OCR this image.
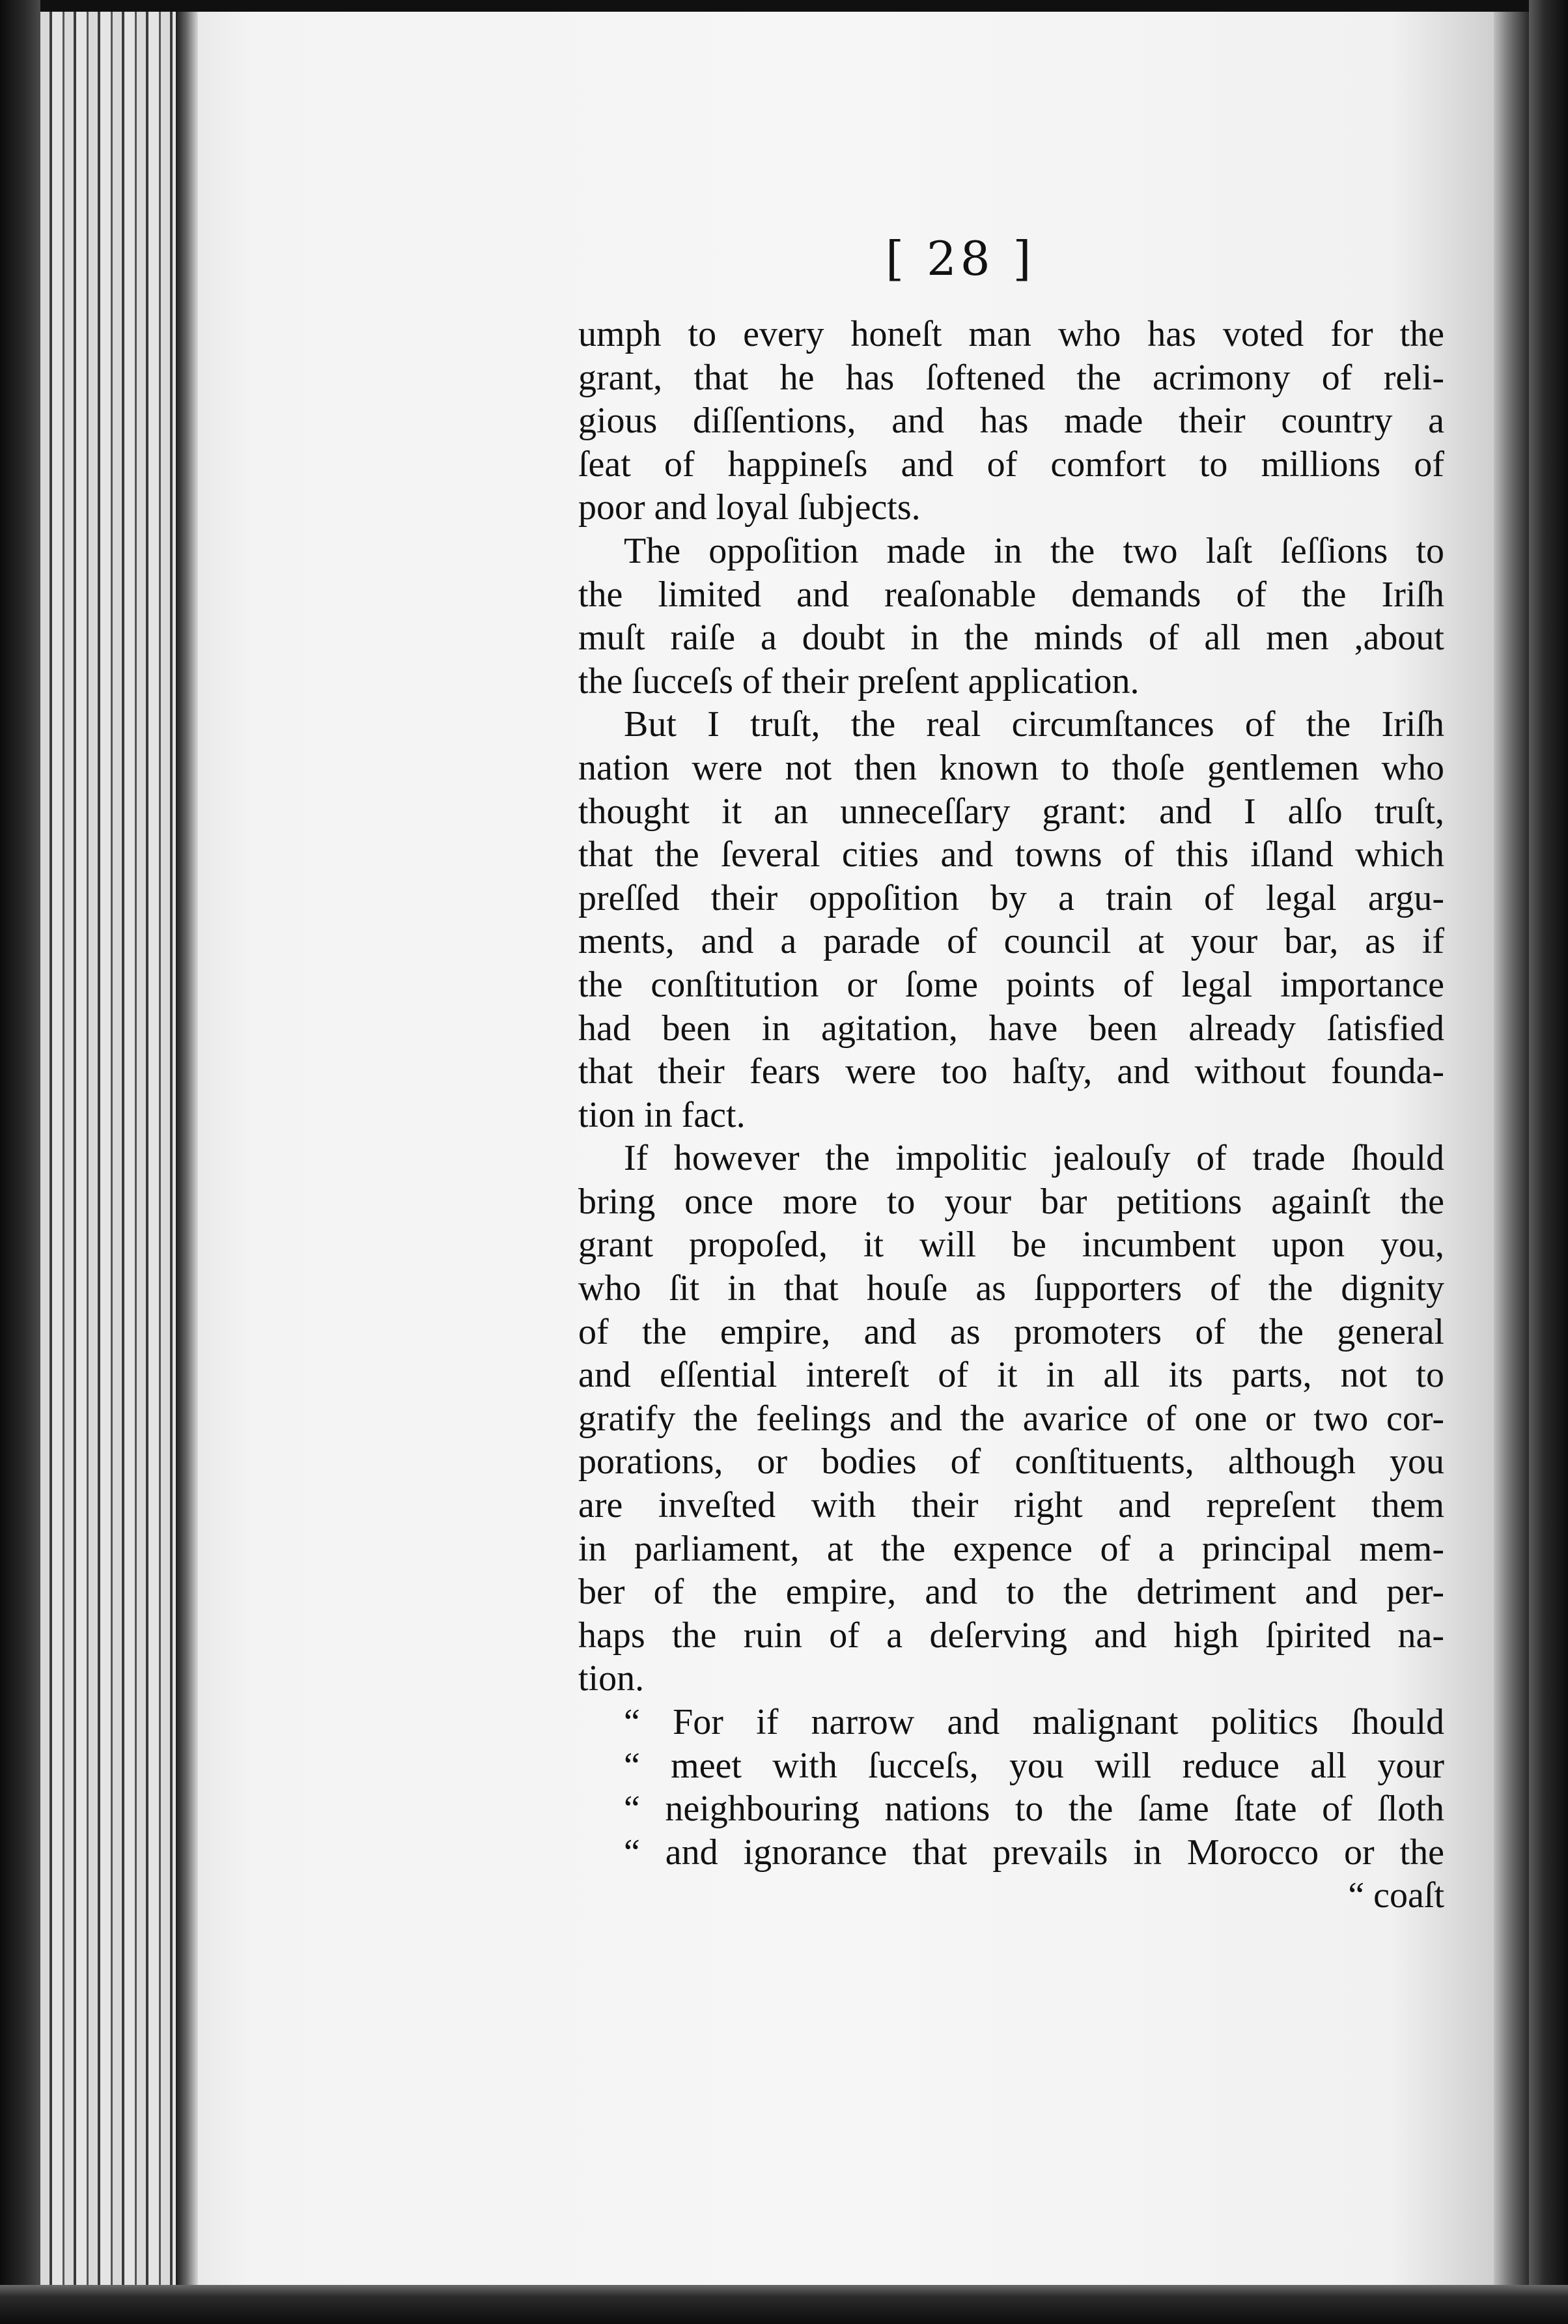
[ 28 ]
umph to every honeſt man who has voted for the
grant, that he has ſoftened the acrimony of reli-
gious diſſentions, and has made their country a
ſeat of happineſs and of comfort to millions of
poor and loyal ſubjects.
The oppoſition made in the two laſt ſeſſions to
the limited and reaſonable demands of the Iriſh
muſt raiſe a doubt in the minds of all men ,about
the ſucceſs of their preſent application.
But I truſt, the real circumſtances of the Iriſh
nation were not then known to thoſe gentlemen who
thought it an unneceſſary grant: and I alſo truſt,
that the ſeveral cities and towns of this iſland which
preſſed their oppoſition by a train of legal argu-
ments, and a parade of council at your bar, as if
the conſtitution or ſome points of legal importance
had been in agitation, have been already ſatisfied
that their fears were too haſty, and without founda-
tion in fact.
If however the impolitic jealouſy of trade ſhould
bring once more to your bar petitions againſt the
grant propoſed, it will be incumbent upon you,
who ſit in that houſe as ſupporters of the dignity
of the empire, and as promoters of the general
and eſſential intereſt of it in all its parts, not to
gratify the feelings and the avarice of one or two cor-
porations, or bodies of conſtituents, although you
are inveſted with their right and repreſent them
in parliament, at the expence of a principal mem-
ber of the empire, and to the detriment and per-
haps the ruin of a deſerving and high ſpirited na-
tion.
“ For if narrow and malignant politics ſhould
“ meet with ſucceſs, you will reduce all your
“ neighbouring nations to the ſame ſtate of ſloth
“ and ignorance that prevails in Morocco or the
“ coaſt
